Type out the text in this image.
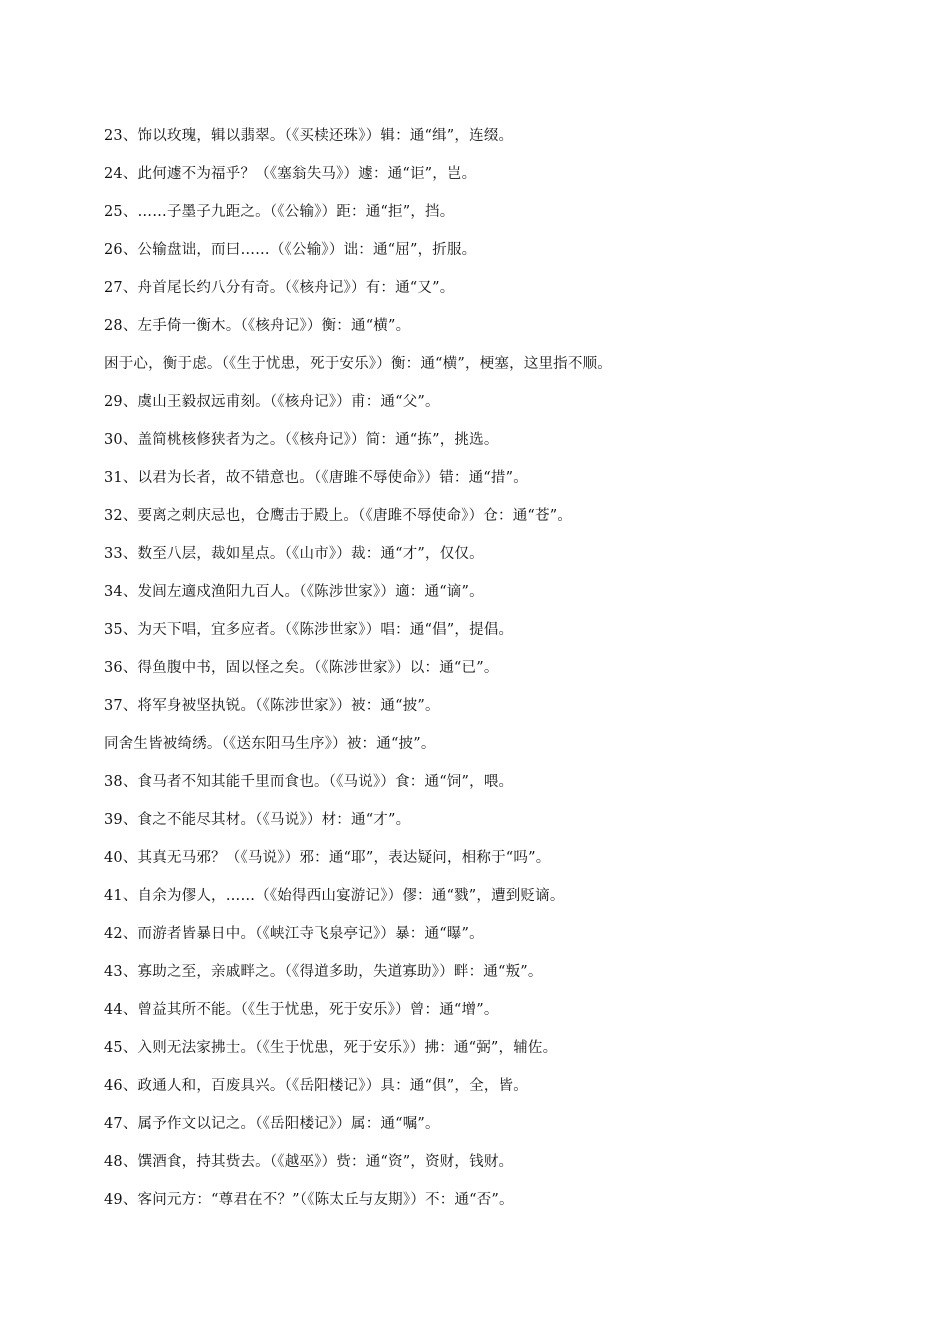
23、饰以玫瑰，辑以翡翠。（《买椟还珠》）辑：通“缉”，连缀。
24、此何遽不为福乎？（《塞翁失马》）遽：通“讵”，岂。
25、……子墨子九距之。（《公输》）距：通“拒”，挡。
26、公输盘诎，而曰……（《公输》）诎：通“屈”，折服。
27、舟首尾长约八分有奇。（《核舟记》）有：通“又”。
28、左手倚一衡木。（《核舟记》）衡：通“横”。
困于心，衡于虑。（《生于忧患，死于安乐》）衡：通“横”，梗塞，这里指不顺。
29、虞山王毅叔远甫刻。（《核舟记》）甫：通“父”。
30、盖简桃核修狭者为之。（《核舟记》）简：通“拣”，挑选。
31、以君为长者，故不错意也。（《唐雎不辱使命》）错：通“措”。
32、要离之刺庆忌也，仓鹰击于殿上。（《唐雎不辱使命》）仓：通“苍”。
33、数至八层，裁如星点。（《山市》）裁：通“才”，仅仅。
34、发闾左適戍渔阳九百人。（《陈涉世家》）適：通“谪”。
35、为天下唱，宜多应者。（《陈涉世家》）唱：通“倡”，提倡。
36、得鱼腹中书，固以怪之矣。（《陈涉世家》）以：通“已”。
37、将军身被坚执锐。（《陈涉世家》）被：通“披”。
同舍生皆被绮绣。（《送东阳马生序》）被：通“披”。
38、食马者不知其能千里而食也。（《马说》）食：通“饲”，喂。
39、食之不能尽其材。（《马说》）材：通“才”。
40、其真无马邪？（《马说》）邪：通“耶”，表达疑问，相称于“吗”。
41、自余为僇人，……（《始得西山宴游记》）僇：通“戮”，遭到贬谪。
42、而游者皆暴日中。（《峡江寺飞泉亭记》）暴：通“曝”。
43、寡助之至，亲戚畔之。（《得道多助，失道寡助》）畔：通“叛”。
44、曾益其所不能。（《生于忧患，死于安乐》）曾：通“增”。
45、入则无法家拂士。（《生于忧患，死于安乐》）拂：通“弼”，辅佐。
46、政通人和，百废具兴。（《岳阳楼记》）具：通“俱”，全，皆。
47、属予作文以记之。（《岳阳楼记》）属：通“嘱”。
48、馔酒食，持其赀去。（《越巫》）赀：通“资”，资财，钱财。
49、客问元方：“尊君在不？”（《陈太丘与友期》）不：通“否”。
